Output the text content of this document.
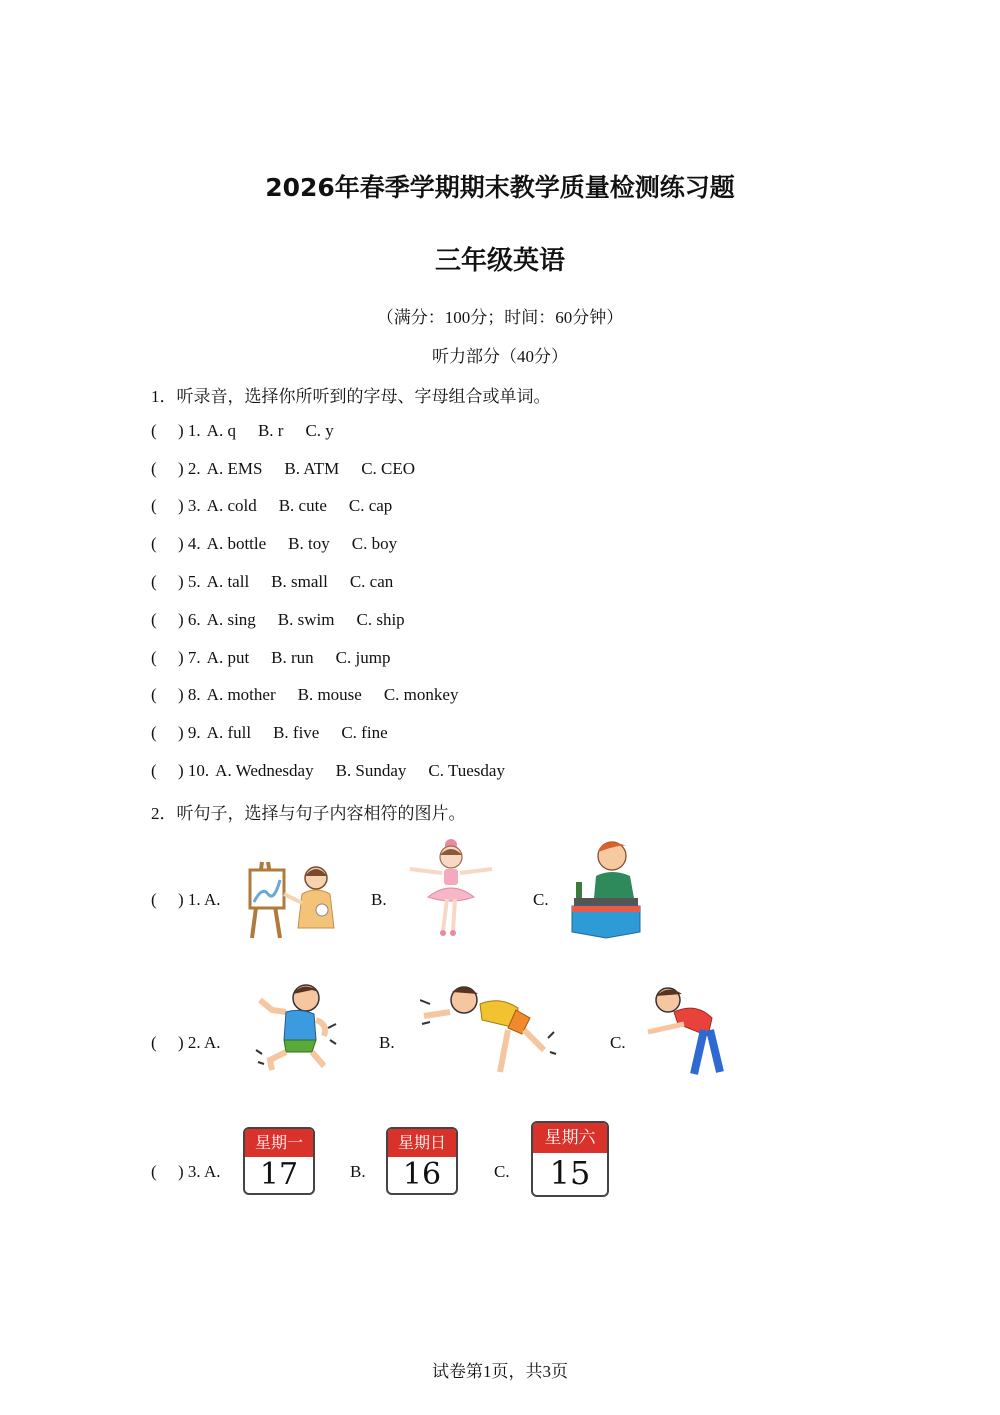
2026年春季学期期末教学质量检测练习题
三年级英语
（满分：100分；时间：60分钟）
听力部分（40分）
1．听录音，选择你所听到的字母、字母组合或单词。
( ) 1. A. q B. r C. y
( ) 2. A. EMS B. ATM C. CEO
( ) 3. A. cold B. cute C. cap
( ) 4. A. bottle B. toy C. boy
( ) 5. A. tall B. small C. can
( ) 6. A. sing B. swim C. ship
( ) 7. A. put B. run C. jump
( ) 8. A. mother B. mouse C. monkey
( ) 9. A. full B. five C. fine
( ) 10. A. Wednesday B. Sunday C. Tuesday
2．听句子，选择与句子内容相符的图片。
( ) 1. A.	B.	C.
( ) 2. A.	B.	C.
( ) 3. A.
星期一
17	B.
星期日
16	C.
星期六
15
试卷第1页，共3页
